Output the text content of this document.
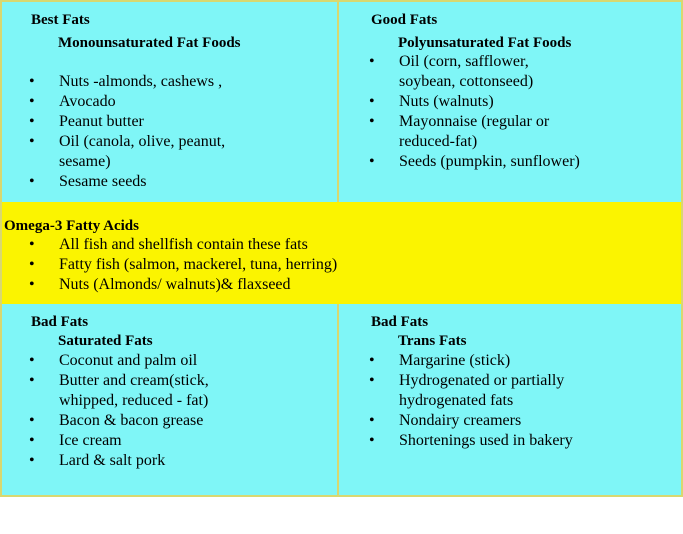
Best Fats
Monounsaturated Fat Foods
• Nuts -almonds, cashews ,
• Avocado
• Peanut butter
• Oil (canola, olive, peanut, sesame)
• Sesame seeds
Good Fats
Polyunsaturated Fat Foods
• Oil (corn, safflower, soybean, cottonseed)
• Nuts (walnuts)
• Mayonnaise (regular or reduced-fat)
• Seeds (pumpkin, sunflower)
Omega-3 Fatty Acids
• All fish and shellfish contain these fats
• Fatty fish (salmon, mackerel, tuna, herring)
• Nuts (Almonds/ walnuts)& flaxseed
Bad Fats
Saturated Fats
• Coconut and palm oil
• Butter and cream(stick, whipped, reduced - fat)
• Bacon & bacon grease
• Ice cream
• Lard & salt pork
Bad Fats
Trans Fats
• Margarine (stick)
• Hydrogenated or partially hydrogenated fats
• Nondairy creamers
• Shortenings used in bakery
